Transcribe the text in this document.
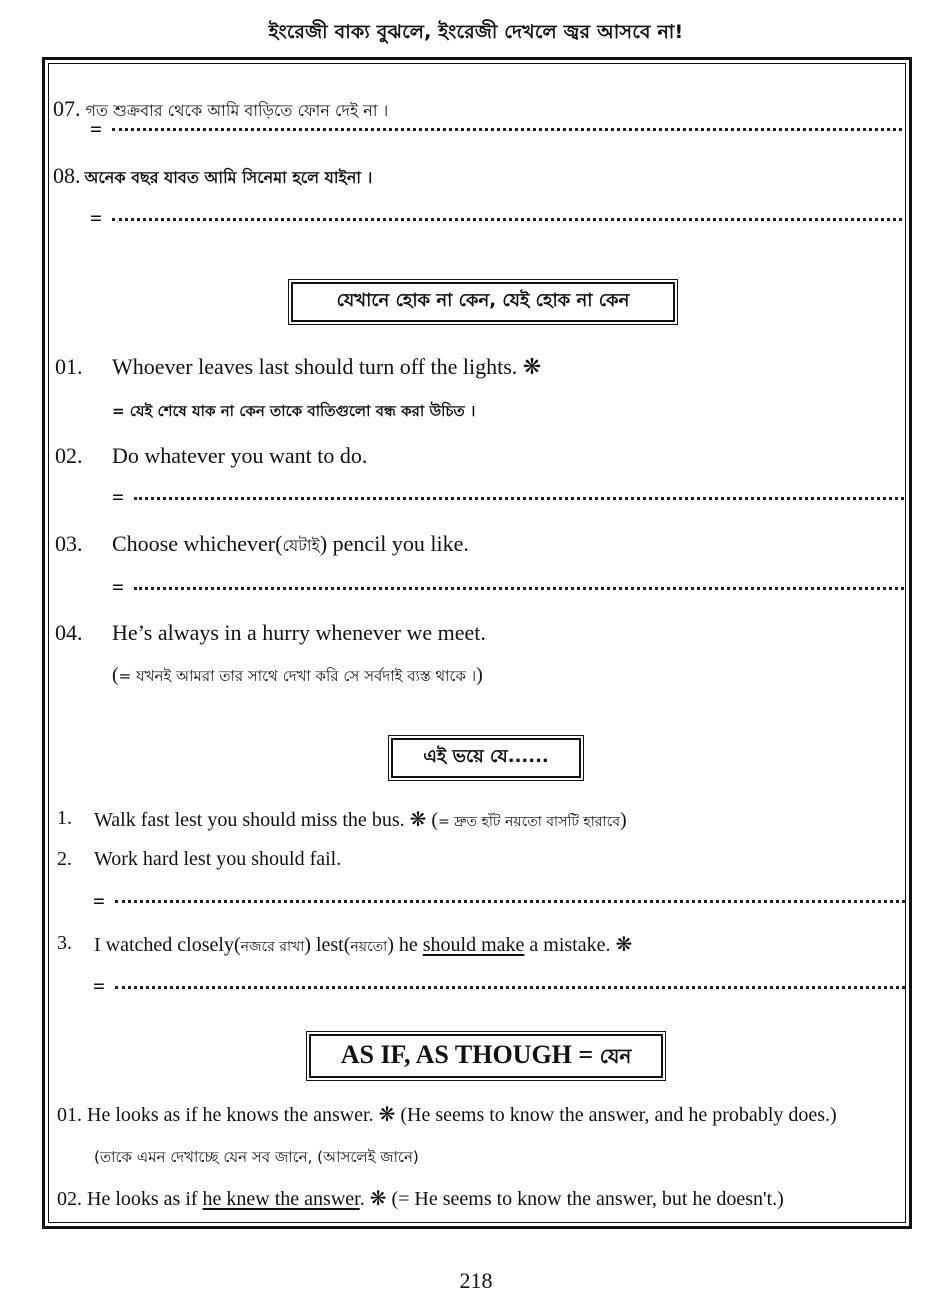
ইংরেজী বাক্য বুঝলে, ইংরেজী দেখলে জ্বর আসবে না!
07. গত শুক্রবার থেকে আমি বাড়িতে ফোন দেই না ।
=
08. অনেক বছর যাবত আমি সিনেমা হলে যাইনা ।
=
যেখানে হোক না কেন, যেই হোক না কেন
01. Whoever leaves last should turn off the lights. ❋
= যেই শেষে যাক না কেন তাকে বাতিগুলো বন্ধ করা উচিত ।
02. Do whatever you want to do.
=
03. Choose whichever(যেটাই) pencil you like.
=
04. He’s always in a hurry whenever we meet.
(= যখনই আমরা তার সাথে দেখা করি সে সর্বদাই ব্যস্ত থাকে ।)
এই ভয়ে যে......
1. Walk fast lest you should miss the bus. ❋ (= দ্রুত হাঁট নয়তো বাসটি হারাবে)
2. Work hard lest you should fail.
=
3. I watched closely(নজরে রাখা) lest(নয়তো) he should make a mistake. ❋
=
AS IF, AS THOUGH = যেন
01. He looks as if he knows the answer. ❋ (He seems to know the answer, and he probably does.)
(তাকে এমন দেখাচ্ছে যেন সব জানে, (আসলেই জানে)
02. He looks as if he knew the answer. ❋ (= He seems to know the answer, but he doesn't.)
218
